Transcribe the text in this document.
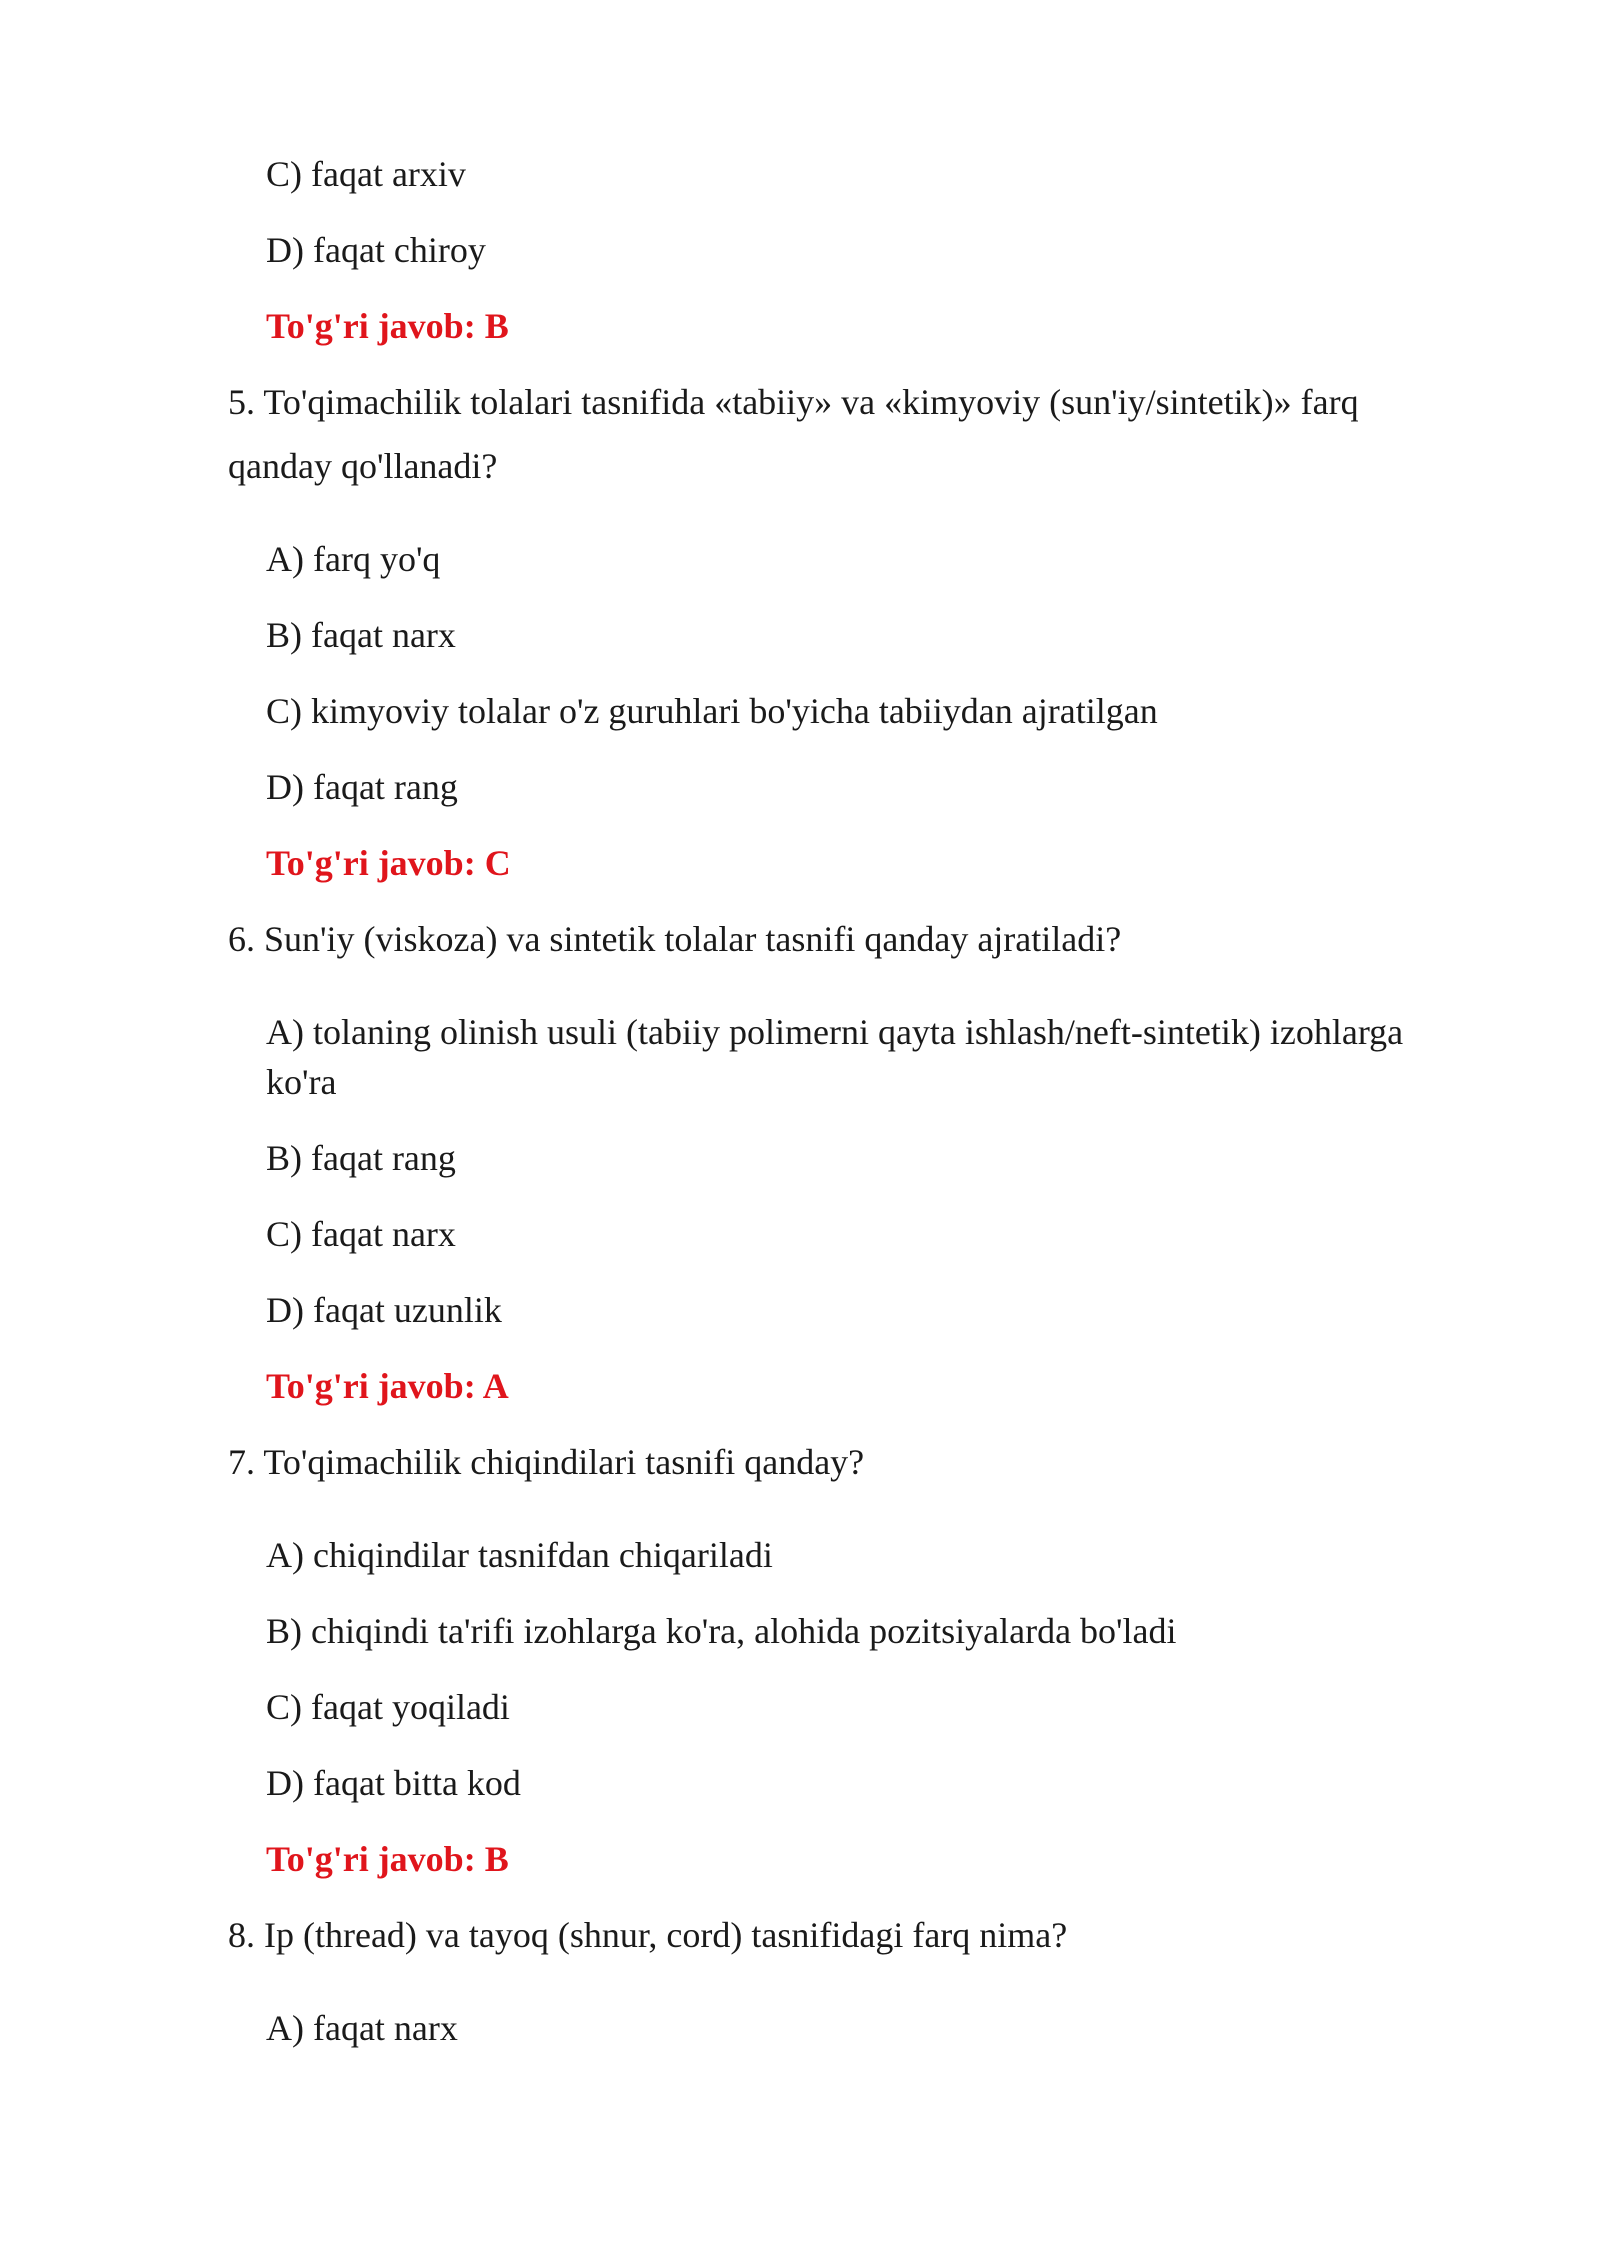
C) faqat arxiv

D) faqat chiroy

To'g'ri javob: B

5. To'qimachilik tolalari tasnifida «tabiiy» va «kimyoviy (sun'iy/sintetik)» farq

qanday qo'llanadi?

A) farq yo'q

B) faqat narx

C) kimyoviy tolalar o'z guruhlari bo'yicha tabiiydan ajratilgan

D) faqat rang

To'g'ri javob: C

6. Sun'iy (viskoza) va sintetik tolalar tasnifi qanday ajratiladi?

A) tolaning olinish usuli (tabiiy polimerni qayta ishlash/neft-sintetik) izohlarga

ko'ra

B) faqat rang

C) faqat narx

D) faqat uzunlik

To'g'ri javob: A

7. To'qimachilik chiqindilari tasnifi qanday?

A) chiqindilar tasnifdan chiqariladi

B) chiqindi ta'rifi izohlarga ko'ra, alohida pozitsiyalarda bo'ladi

C) faqat yoqiladi

D) faqat bitta kod

To'g'ri javob: B

8. Ip (thread) va tayoq (shnur, cord) tasnifidagi farq nima?

A) faqat narx
